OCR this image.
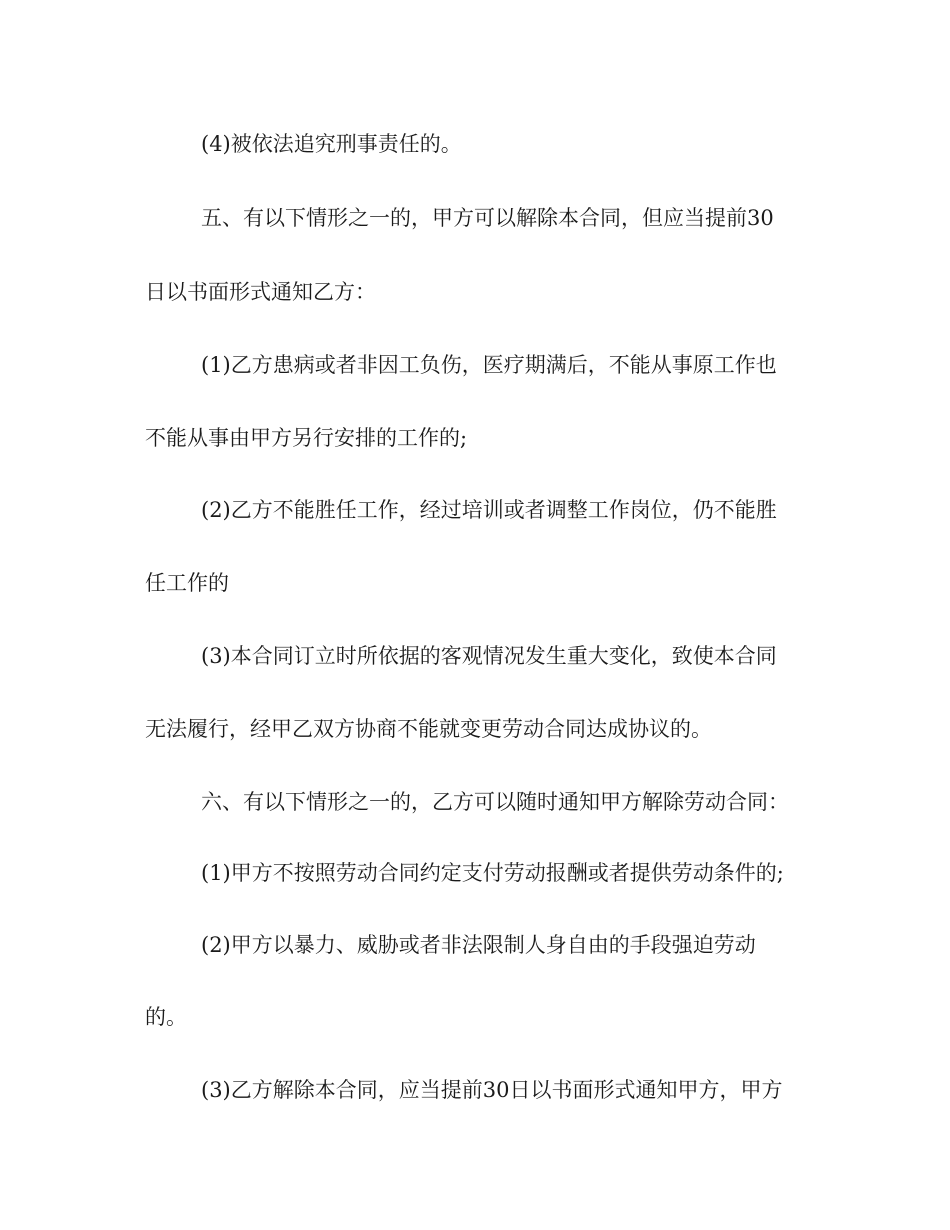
(4)被依法追究刑事责任的。

五、有以下情形之一的，甲方可以解除本合同，但应当提前30

日以书面形式通知乙方：

(1)乙方患病或者非因工负伤，医疗期满后，不能从事原工作也

不能从事由甲方另行安排的工作的;

(2)乙方不能胜任工作，经过培训或者调整工作岗位，仍不能胜

任工作的

(3)本合同订立时所依据的客观情况发生重大变化，致使本合同

无法履行，经甲乙双方协商不能就变更劳动合同达成协议的。

六、有以下情形之一的，乙方可以随时通知甲方解除劳动合同：

(1)甲方不按照劳动合同约定支付劳动报酬或者提供劳动条件的;

(2)甲方以暴力、威胁或者非法限制人身自由的手段强迫劳动

的。

(3)乙方解除本合同，应当提前30日以书面形式通知甲方，甲方
